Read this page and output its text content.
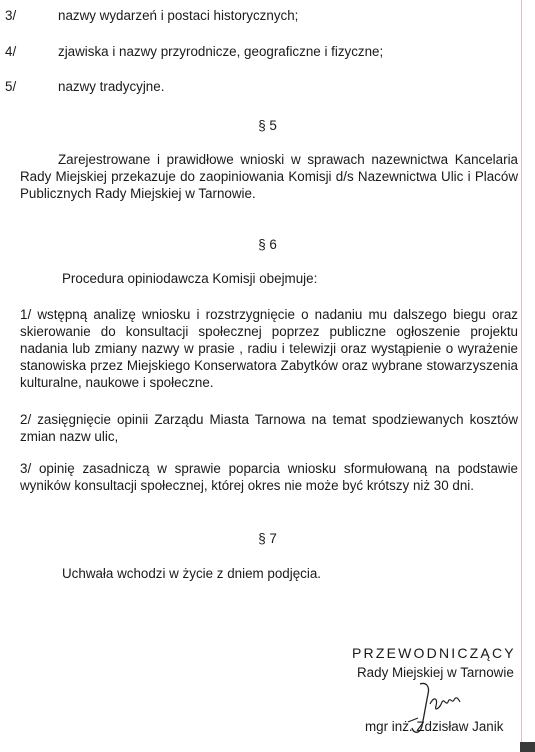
3/	nazwy wydarzeń i postaci historycznych;
4/	zjawiska i nazwy przyrodnicze, geograficzne i fizyczne;
5/	nazwy tradycyjne.
§ 5
Zarejestrowane i prawidłowe wnioski w sprawach nazewnictwa Kancelaria Rady Miejskiej przekazuje do zaopiniowania Komisji d/s Nazewnictwa Ulic i Placów Publicznych Rady Miejskiej w Tarnowie.
§ 6
Procedura opiniodawcza Komisji obejmuje:
1/ wstępną analizę wniosku i rozstrzygnięcie o nadaniu mu dalszego biegu oraz skierowanie do konsultacji społecznej poprzez publiczne ogłoszenie projektu nadania lub zmiany nazwy w prasie , radiu i telewizji oraz wystąpienie o wyrażenie stanowiska przez Miejskiego Konserwatora Zabytków oraz wybrane stowarzyszenia kulturalne, naukowe i społeczne.
2/ zasięgnięcie opinii Zarządu Miasta Tarnowa na temat spodziewanych kosztów zmian nazw ulic,
3/ opinię zasadniczą w sprawie poparcia wniosku sformułowaną na podstawie wyników konsultacji społecznej, której okres nie może być krótszy niż 30 dni.
§ 7
Uchwała wchodzi w życie z dniem podjęcia.
PRZEWODNICZĄCY
Rady Miejskiej w Tarnowie
mgr inż. Zdzisław Janik
